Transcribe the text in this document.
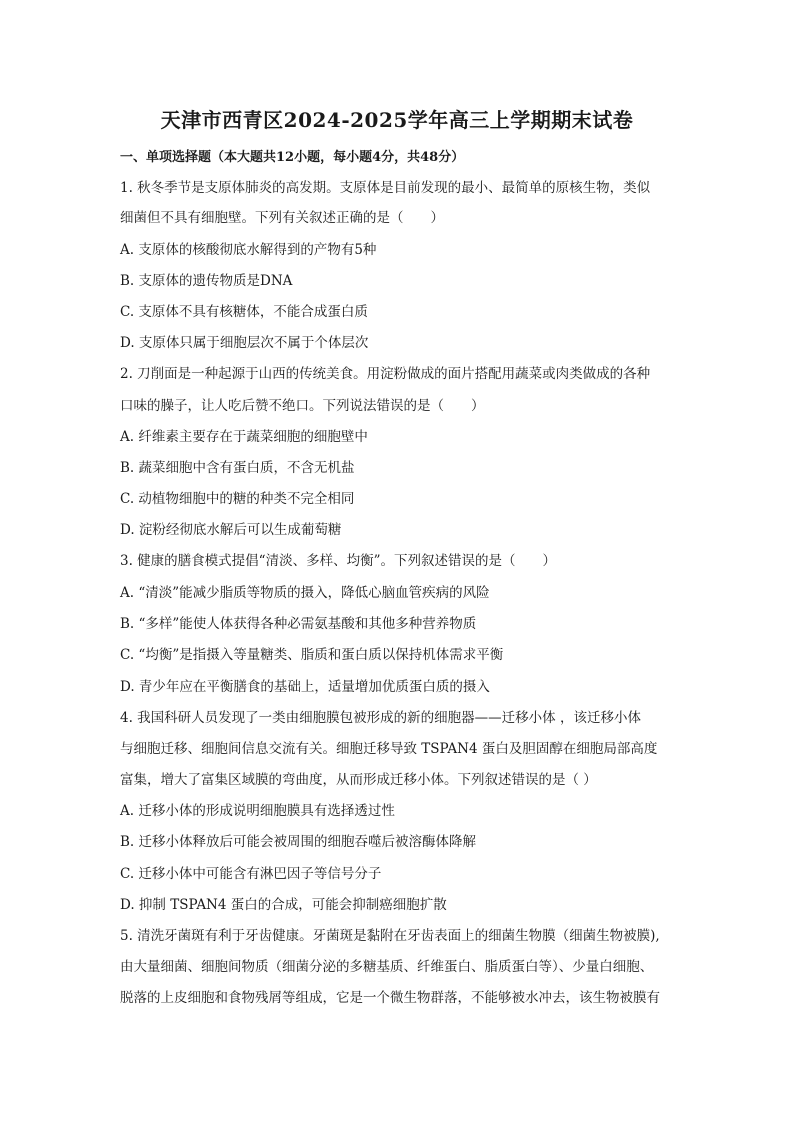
天津市西青区2024-2025学年高三上学期期末试卷
一、单项选择题（本大题共12小题，每小题4分，共48分）
1. 秋冬季节是支原体肺炎的高发期。支原体是目前发现的最小、最简单的原核生物，类似
细菌但不具有细胞壁。下列有关叙述正确的是（　　）
A. 支原体的核酸彻底水解得到的产物有5种
B. 支原体的遗传物质是DNA
C. 支原体不具有核糖体，不能合成蛋白质
D. 支原体只属于细胞层次不属于个体层次
2. 刀削面是一种起源于山西的传统美食。用淀粉做成的面片搭配用蔬菜或肉类做成的各种
口味的臊子，让人吃后赞不绝口。下列说法错误的是（　　）
A. 纤维素主要存在于蔬菜细胞的细胞壁中
B. 蔬菜细胞中含有蛋白质，不含无机盐
C. 动植物细胞中的糖的种类不完全相同
D. 淀粉经彻底水解后可以生成葡萄糖
3. 健康的膳食模式提倡“清淡、多样、均衡”。下列叙述错误的是（　　）
A. “清淡”能减少脂质等物质的摄入，降低心脑血管疾病的风险
B. “多样”能使人体获得各种必需氨基酸和其他多种营养物质
C. “均衡”是指摄入等量糖类、脂质和蛋白质以保持机体需求平衡
D. 青少年应在平衡膳食的基础上，适量增加优质蛋白质的摄入
4. 我国科研人员发现了一类由细胞膜包被形成的新的细胞器——迁移小体 ，该迁移小体
与细胞迁移、细胞间信息交流有关。细胞迁移导致 TSPAN4 蛋白及胆固醇在细胞局部高度
富集，增大了富集区域膜的弯曲度，从而形成迁移小体。下列叙述错误的是（ ）
A. 迁移小体的形成说明细胞膜具有选择透过性
B. 迁移小体释放后可能会被周围的细胞吞噬后被溶酶体降解
C. 迁移小体中可能含有淋巴因子等信号分子
D. 抑制 TSPAN4 蛋白的合成，可能会抑制癌细胞扩散
5. 清洗牙菌斑有利于牙齿健康。牙菌斑是黏附在牙齿表面上的细菌生物膜（细菌生物被膜),
由大量细菌、细胞间物质（细菌分泌的多糖基质、纤维蛋白、脂质蛋白等）、少量白细胞、
脱落的上皮细胞和食物残屑等组成，它是一个微生物群落，不能够被水冲去，该生物被膜有
